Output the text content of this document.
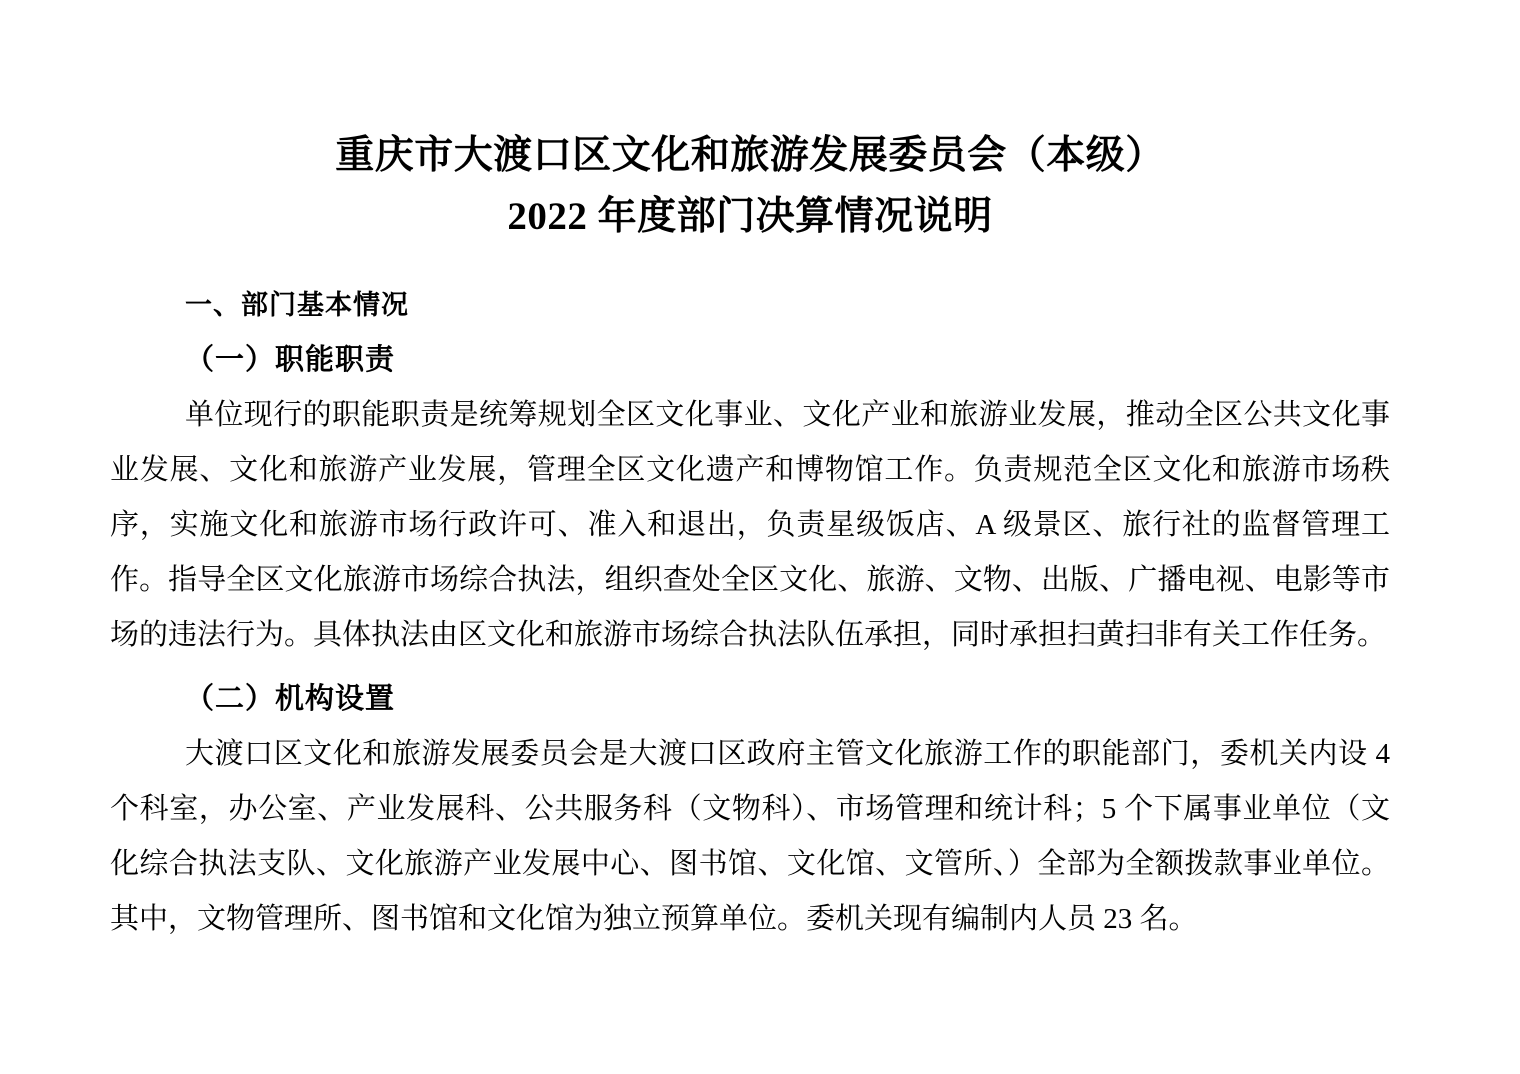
重庆市大渡口区文化和旅游发展委员会（本级）
2022 年度部门决算情况说明
一、部门基本情况
（一）职能职责

单位现行的职能职责是统筹规划全区文化事业、文化产业和旅游业发展，推动全区公共文化事业发展、文化和旅游产业发展，管理全区文化遗产和博物馆工作。负责规范全区文化和旅游市场秩序，实施文化和旅游市场行政许可、准入和退出，负责星级饭店、A 级景区、旅行社的监督管理工作。指导全区文化旅游市场综合执法，组织查处全区文化、旅游、文物、出版、广播电视、电影等市场的违法行为。具体执法由区文化和旅游市场综合执法队伍承担，同时承担扫黄扫非有关工作任务。

（二）机构设置

大渡口区文化和旅游发展委员会是大渡口区政府主管文化旅游工作的职能部门，委机关内设 4 个科室，办公室、产业发展科、公共服务科（文物科）、市场管理和统计科；5 个下属事业单位（文化综合执法支队、文化旅游产业发展中心、图书馆、文化馆、文管所、）全部为全额拨款事业单位。其中，文物管理所、图书馆和文化馆为独立预算单位。委机关现有编制内人员 23 名。
